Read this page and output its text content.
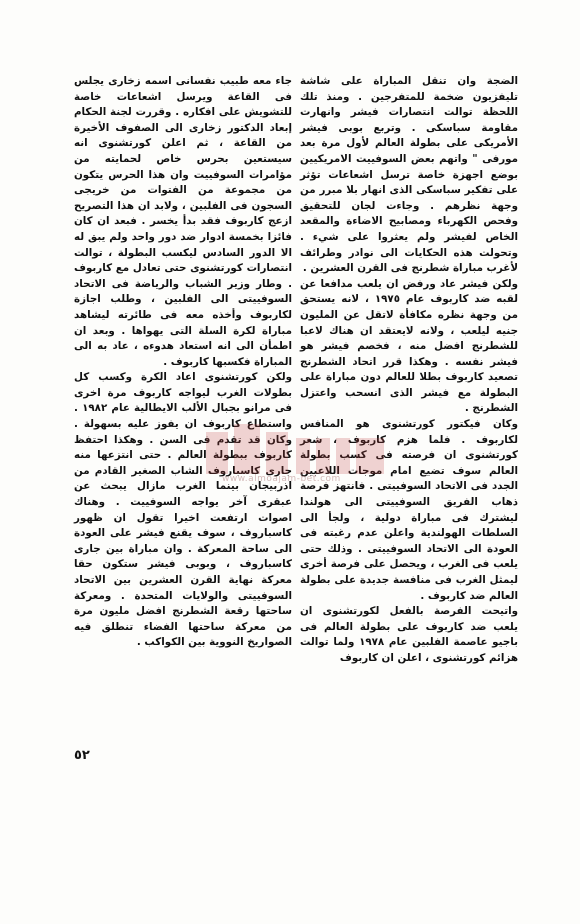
الضجة وان تنقل المباراة على شاشة تليفزيون ضخمة للمتفرجين . ومنذ تلك اللحظة توالت انتصارات فيشر وانهارت مقاومة سباسكى . وتربع بوبى فيشر الأمريكى على بطولة العالم لأول مرة بعد مورفى " واتهم بعض السوفييت الامريكيين بوضع اجهزة خاصة ترسل اشعاعات تؤثر على تفكير سباسكى الذى انهار بلا مبرر من وجهة نظرهم . وجاءت لجان للتحقيق وفحص الكهرباء ومصابيح الاضاءة والمقعد الخاص لفيشر ولم يعثروا على شيء . وتحولت هذه الحكايات الى نوادر وطرائف لأغرب مباراة شطرنج فى القرن العشرين .

ولكن فيشر عاد ورفض ان يلعب مدافعا عن لقبه ضد كاربوف عام ١٩٧٥ ، لانه يستحق من وجهة نظره مكافأة لاتقل عن المليون جنيه ليلعب ، ولانه لايعتقد ان هناك لاعبا للشطرنج افضل منه ، فخصم فيشر هو فيشر نفسه . وهكذا قرر اتحاد الشطرنج تصعيد كاربوف بطلا للعالم دون مباراة على البطولة مع فيشر الذى انسحب واعتزل الشطرنج .

وكان فيكتور كورتشنوى هو المنافس لكاربوف . فلما هزم كاربوف ، شعر كورتشنوى ان فرصته فى كسب بطولة العالم سوف تضيع امام موجات اللاعبين الجدد فى الاتحاد السوفييتى . فانتهز فرصة ذهاب الفريق السوفييتى الى هولندا ليشترك فى مباراة دولية ، ولجأ الى السلطات الهولندية واعلن عدم رغبته فى العودة الى الاتحاد السوفييتى . وذلك حتى يلعب فى الغرب ، ويحصل على فرصة أخرى ليمثل الغرب فى منافسة جديدة على بطولة العالم ضد كاربوف .

واتيحت الفرصة بالفعل لكورتشنوى ان يلعب ضد كاربوف على بطولة العالم فى باجيو عاصمة الفلبين عام ١٩٧٨ ولما توالت هزائم كورتشنوى ، اعلن ان كاربوف

جاء معه طبيب نفسانى اسمه زخارى يجلس فى القاعة ويرسل اشعاعات خاصة للتشويش على افكاره . وقررت لجنة الحكام إبعاد الدكتور زخارى الى الصفوف الأخيرة من القاعة ، ثم اعلن كورتشنوى انه سيستعين بحرس خاص لحمايته من مؤامرات السوفييت وان هذا الحرس يتكون من مجموعة من الفتوات من خريجى السجون فى الفلبين ، ولابد ان هذا التصريح ازعج كاربوف فقد بدأ يخسر . فبعد ان كان فائزا بخمسة ادوار ضد دور واحد ولم يبق له الا الدور السادس ليكسب البطولة ، توالت انتصارات كورتشنوى حتى تعادل مع كاربوف . وطار وزير الشباب والرياضة فى الاتحاد السوفييتى الى الفلبين ، وطلب اجازة لكاربوف وأخذه معه فى طائرته ليشاهد مباراة لكرة السلة التى يهواها . وبعد ان اطمأن الى انه استعاد هدوءه ، عاد به الى المباراة فكسبها كاربوف .

ولكن كورتشنوى اعاد الكرة وكسب كل بطولات الغرب ليواجه كاربوف مرة اخرى فى مرانو بجبال الألب الايطالية عام ١٩٨٢ . واستطاع كاربوف ان يفوز عليه بسهولة . وكان قد تقدم فى السن . وهكذا احتفظ كاربوف ببطولة العالم . حتى انتزعها منه جارى كاسباروف الشاب الصغير القادم من اذربيجان بينما الغرب مازال يبحث عن عبقرى آخر يواجه السوفييت . وهناك اصوات ارتفعت اخيرا تقول ان ظهور كاسباروف ، سوف يقنع فيشر على العودة الى ساحة المعركة . وان مباراة بين جارى كاسباروف ، وبوبى فيشر ستكون حقا معركة نهاية القرن العشرين بين الاتحاد السوفييتى والولايات المتحدة . ومعركة ساحتها رقعة الشطرنج افضل مليون مرة من معركة ساحتها الفضاء تنطلق فيه الصواريخ النووية بين الكواكب .

٥٢
www.almoajam-bet.com
